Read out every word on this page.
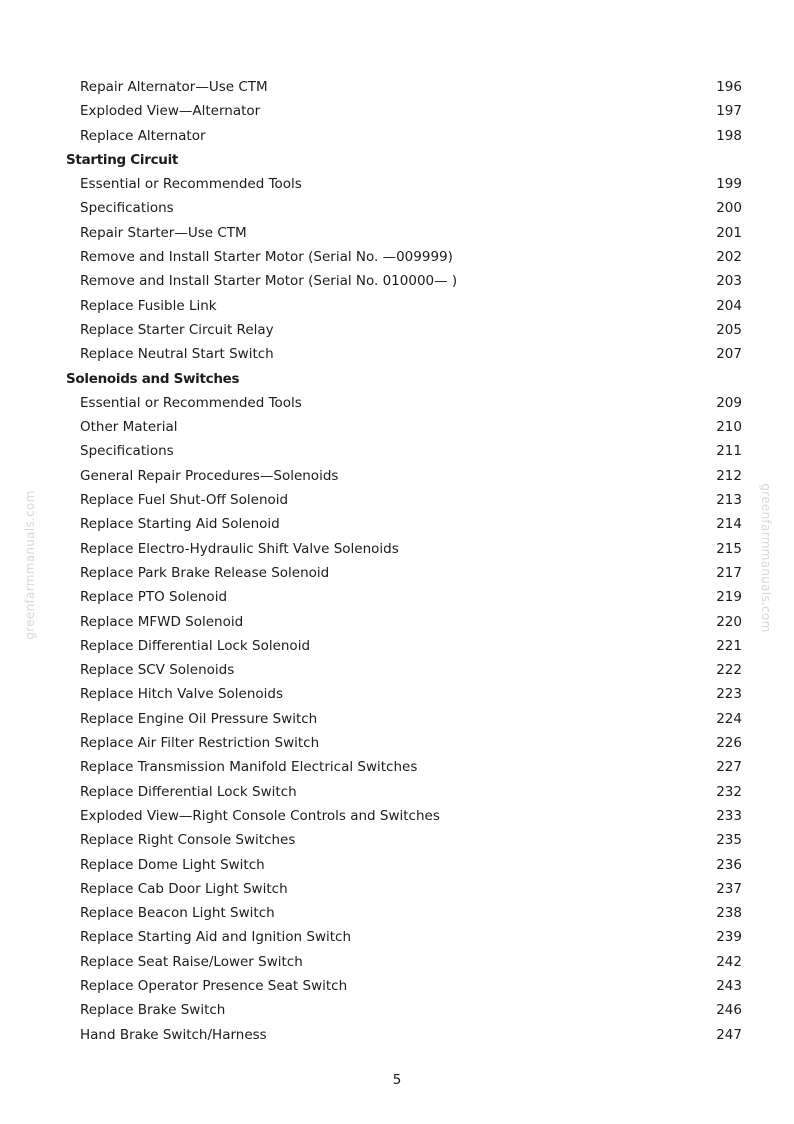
Repair Alternator—Use CTM	196
Exploded View—Alternator	197
Replace Alternator	198
Starting Circuit
Essential or Recommended Tools	199
Specifications	200
Repair Starter—Use CTM	201
Remove and Install Starter Motor (Serial No. —009999)	202
Remove and Install Starter Motor (Serial No. 010000— )	203
Replace Fusible Link	204
Replace Starter Circuit Relay	205
Replace Neutral Start Switch	207
Solenoids and Switches
Essential or Recommended Tools	209
Other Material	210
Specifications	211
General Repair Procedures—Solenoids	212
Replace Fuel Shut-Off Solenoid	213
Replace Starting Aid Solenoid	214
Replace Electro-Hydraulic Shift Valve Solenoids	215
Replace Park Brake Release Solenoid	217
Replace PTO Solenoid	219
Replace MFWD Solenoid	220
Replace Differential Lock Solenoid	221
Replace SCV Solenoids	222
Replace Hitch Valve Solenoids	223
Replace Engine Oil Pressure Switch	224
Replace Air Filter Restriction Switch	226
Replace Transmission Manifold Electrical Switches	227
Replace Differential Lock Switch	232
Exploded View—Right Console Controls and Switches	233
Replace Right Console Switches	235
Replace Dome Light Switch	236
Replace Cab Door Light Switch	237
Replace Beacon Light Switch	238
Replace Starting Aid and Ignition Switch	239
Replace Seat Raise/Lower Switch	242
Replace Operator Presence Seat Switch	243
Replace Brake Switch	246
Hand Brake Switch/Harness	247
greenfarmmanuals.com	greenfarmmanuals.com
5
